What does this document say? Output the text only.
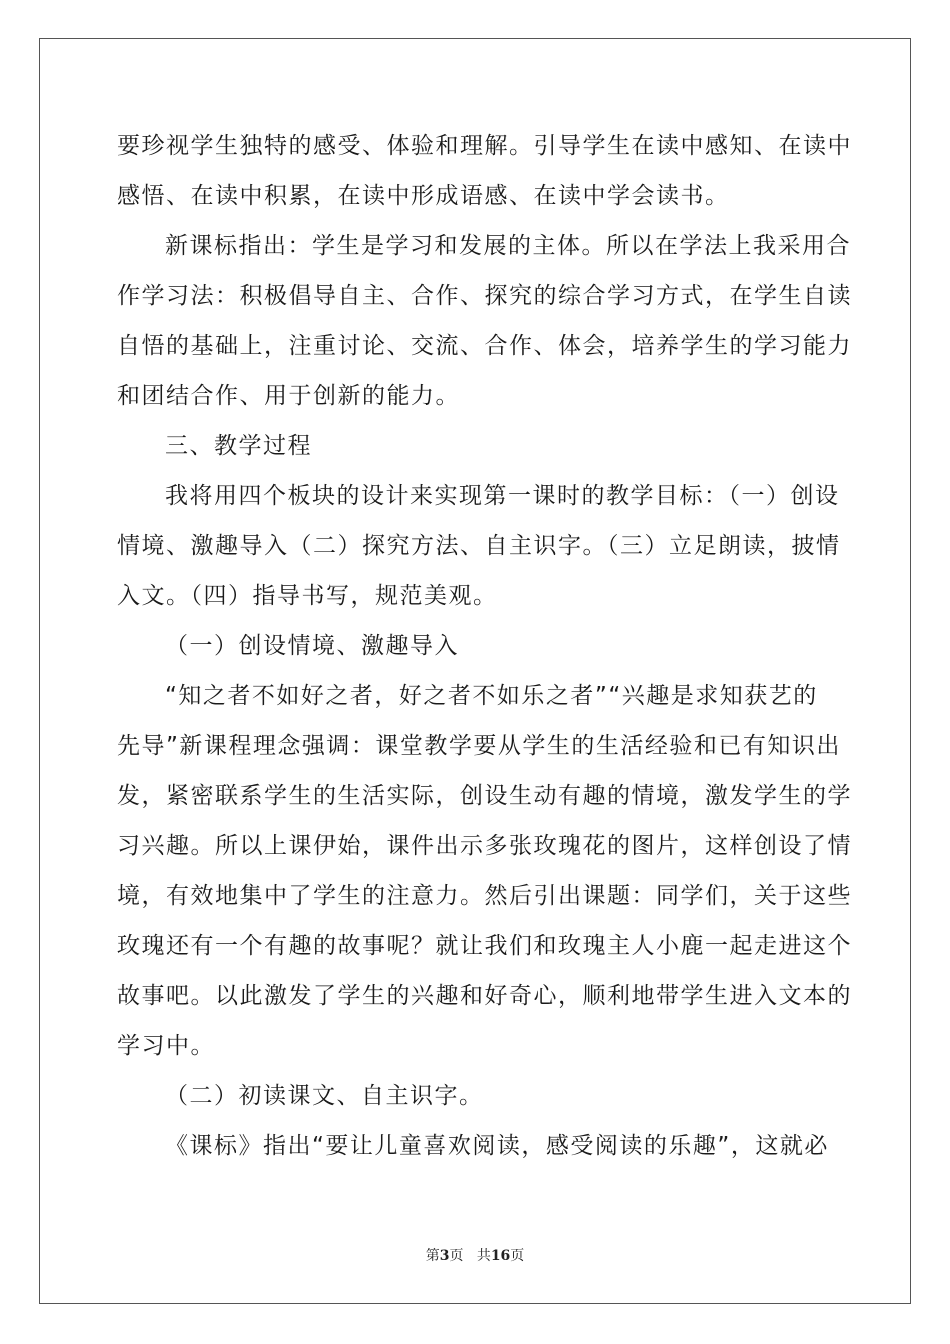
要珍视学生独特的感受、体验和理解。引导学生在读中感知、在读中
感悟、在读中积累，在读中形成语感、在读中学会读书。
新课标指出：学生是学习和发展的主体。所以在学法上我采用合
作学习法：积极倡导自主、合作、探究的综合学习方式，在学生自读
自悟的基础上，注重讨论、交流、合作、体会，培养学生的学习能力
和团结合作、用于创新的能力。
三、教学过程
我将用四个板块的设计来实现第一课时的教学目标：（一）创设
情境、激趣导入（二）探究方法、自主识字。（三）立足朗读，披情
入文。（四）指导书写，规范美观。
（一）创设情境、激趣导入
“知之者不如好之者，好之者不如乐之者”“兴趣是求知获艺的
先导”新课程理念强调：课堂教学要从学生的生活经验和已有知识出
发，紧密联系学生的生活实际，创设生动有趣的情境，激发学生的学
习兴趣。所以上课伊始，课件出示多张玫瑰花的图片，这样创设了情
境，有效地集中了学生的注意力。然后引出课题：同学们，关于这些
玫瑰还有一个有趣的故事呢？就让我们和玫瑰主人小鹿一起走进这个
故事吧。以此激发了学生的兴趣和好奇心，顺利地带学生进入文本的
学习中。
（二）初读课文、自主识字。
《课标》指出“要让儿童喜欢阅读，感受阅读的乐趣”，这就必
第3页 共16页
